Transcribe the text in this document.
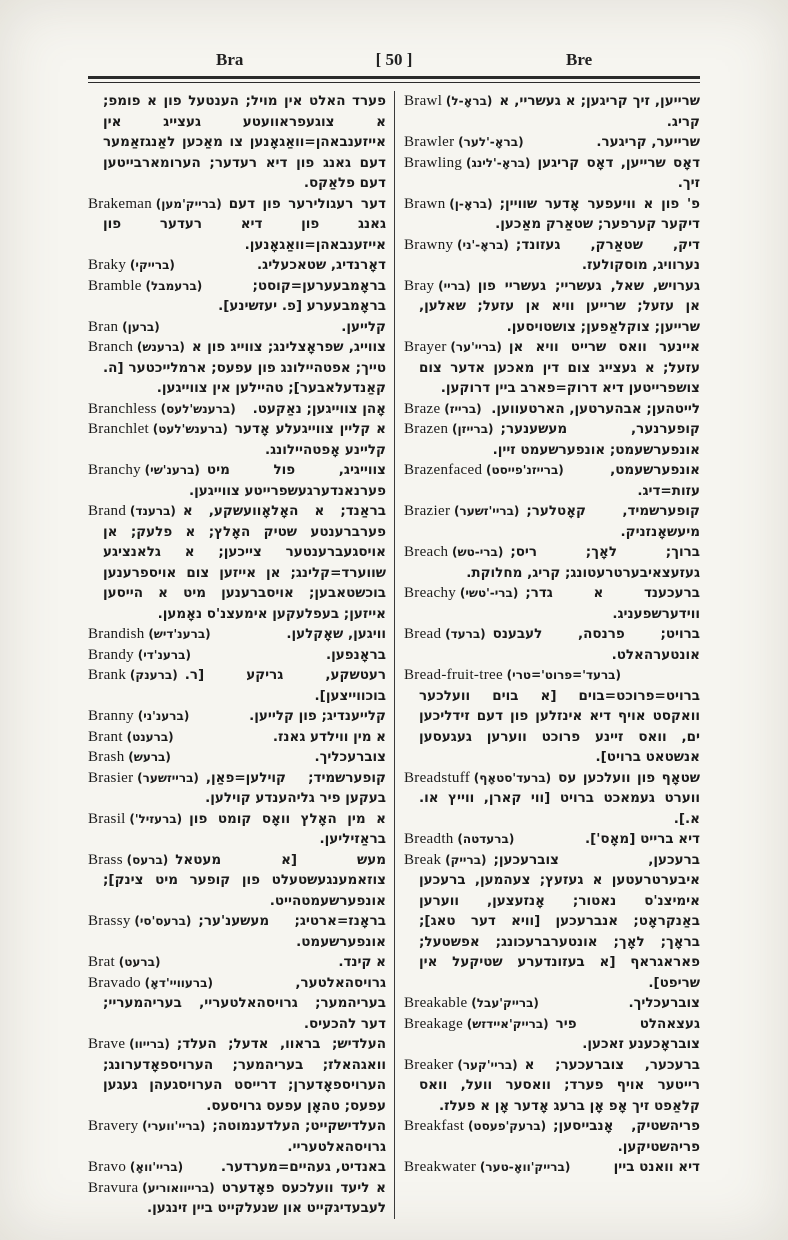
Bra	[ 50 ]	Bre

פערד האלט אין מויל; הענטעל פון א פומפ; א צוגעפראוועטע געצייג אין אייזענבאהן=וואַגאָנען צו מאַכען לאַנגזאַמער דעם גאנג פון דיא רעדער; הערומארבייטען דעם פלאַקס.

Brakeman (ברייק'מען) דער רעגולירער פון דעם גאנג פון דיא רעדער פון אייזענבאהן=וואַגאָנען.

Braky (ברייקי)	דאָרנדיג, שטאכעליג.

Bramble (ברעמבל)	בראָמבעערען=קוסט; בראָמבעערע [פ. יעזשינע].

Bran (ברען)	קלייען.

Branch (ברענש) צווייג, שפראָצלינג; צווייג פון א טייך; אפטהיילונג פון עפעס; ארמלייכטער [ה. קאַנדעלאבער]; טהיילען אין צווייגען.

Branchless (ברענש'לעס)	אָהן צווייגען; נאַקעט.

Branchlet (ברענש'לעט) א קליין צווייגעלע אָדער קליינע אָפטהיילונג.

Branchy (ברענ'שי) צווייגיג, פול מיט פערנאנדערגעשפרייטע צווייגען.

Brand (ברענד) בראַנד; א האָלאָוועשקע, א פערברענטע שטיק האָלץ; א פלעק; אן אויסגעברענטער צייכען; א גלאנציגע שווערד=קלינג; אן אייזען צום אויספרענען בוכשטאבען; אויסברענען מיט א הייסען אייזען; בעפלעקען אימעצנ'ס נאָמען.

Brandish (ברענ'דיש)	וויגען, שאָקלען.

Brandy (ברענ'די)	בראָנפען.

Brank (ברענק) רעטשקע, גריקע [ר. בוכווייצען].

Branny (ברענ'ני)	קלייענדיג; פון קלייען.

Brant (ברענט)	א מין ווילדע גאנז.

Brash (ברעש)	צוברעכליך.

Brasier (ברייזשער) קופערשמיד; קוילען=פאַן, בעקען פיר גליהענדע קוילען.

Brasil (ברעזיל') א מין האָלץ וואָס קומט פון בראַזיליען.

Brass (ברעס) מעש [א מעטאל צוזאמענגעשטעלט פון קופער מיט צינק]; אונפערשעמטהייט.

Brassy (ברעס'סי) בראָנז=ארטיג; מעשענ'ער; אונפערשעמט.

Brat (ברעט)	א קינד.

Bravado (ברעוויי'דאָ)	גרויסהאלטער, בעריהמער; גרויסהאלטעריי, בעריהמעריי; דער להכעיס.

Brave (ברייוו) העלדיש; בראוו, אדעל; העלד; וואגהאלז; בעריהמער; הערויספאָדערונג; הערויספאָדערן; דרייסט הערויסגעהן געגען עפעס; טהאָן עפעס גרויסעס.

Bravery (בריי'ווערי) העלדישקייט; העלדענמוטה; גרויסהאלטעריי.

Bravo (בריי'וואָ)	באנדיט, געהיים=מערדער.

Bravura (ברייוואוריע) א ליעד וועלכעס פאָדערט לעבעדיגקייט און שנעלקייט ביין זינגען.

Brawl (בראָ-ל) שרייען, זיך קריגען; א געשריי, א קריג.

Brawler (בראָ-'לער)	שרייער, קריגער.

Brawling (בראָ-'לינג) דאָס שרייען, דאָס קריגען זיך.

Brawn (בראָ-ן) פ' פון א וויעפער אָדער שוויין; דיקער קערפער; שטאַרק מאַכען.

Brawny (בראָ-'ני) דיק, שטאַרק, געזונד; נערוויג, מוסקולעז.

Bray (בריי) גערויש, שאל, געשריי; געשריי פון אן עזעל; שרייען וויא אן עזעל; שאלען, שרייען; צוקלאַפען; צושטויסען.

Brayer (בריי'ער) איינער וואס שרייט וויא אן עזעל; א געצייג צום דין מאכען אדער צום צושפרייטען דיא דרוק=פארב ביין דרוקען.

Braze (ברייז) לייטהען; אבהערטען, הארטעווען.

Brazen (ברייזן) קופערנער, מעשענער; אונפערשעמט; אונפערשעמט זיין.

Brazenfaced (ברייזנ'פייסט)	אונפערשעמט, עזות=דיג.

Brazier (בריי'זשער) קופערשמיד, קאָטלער; מיעשאָנזניק.

Breach (ברי-טש) ברוך; לאָך; ריס; געזעצאיבערטרעטונג; קריג, מחלוקת.

Breachy (ברי-'טשי) ברעכענד א גדר; ווידערשפעניג.

Bread (ברעד) ברויט; פרנסה, לעבענס אונטערהאלט.

Bread-fruit-tree (ברעד'=פרוט'=טרי)
ברויט=פרוכט=בוים [א בוים וועלכער וואקסט אויף דיא אינזלען פון דעם זידליכען ים, וואס זיינע פרוכט ווערען געגעסען אנשטאט ברויט].

Breadstuff (ברעד'סטאָף) שטאָף פון וועלכען עס ווערט געמאכט ברויט [ווי קארן, ווייץ או. א.].

Breadth (ברעדטה)	דיא ברייט [מאָס'].

Break (ברייק) ברעכען, צוברעכען; איבערטרעטען א געזעץ; צעהמען, ברעכען אימיצנ'ס נאטור; אָנזעצען, ווערען באַנקראָט; אנברעכען [וויא דער טאג]; בראָך; לאָך; אונטערברעכונג; אפשטעל; פאראגראף [א בעזונדערע שטיקעל אין שריפט].

Breakable (ברייק'עבל)	צוברעכליך.

Breakage (ברייק'איידזש) געצאהלט פיר צובראָכענע זאכען.

Breaker (בריי'קער) ברעכער, צוברעכער; א רייטער אויף פערד; וואסער וועל, וואס קלאַפט זיך אָפ אָן ברעג אָדער אָן א פעלז.

Breakfast (ברעק'פעסט) פריהשטיק, אָנבייסען; פריהשטיקען.

Breakwater (ברייק'וואָ-טער)	דיא וואנט ביין
